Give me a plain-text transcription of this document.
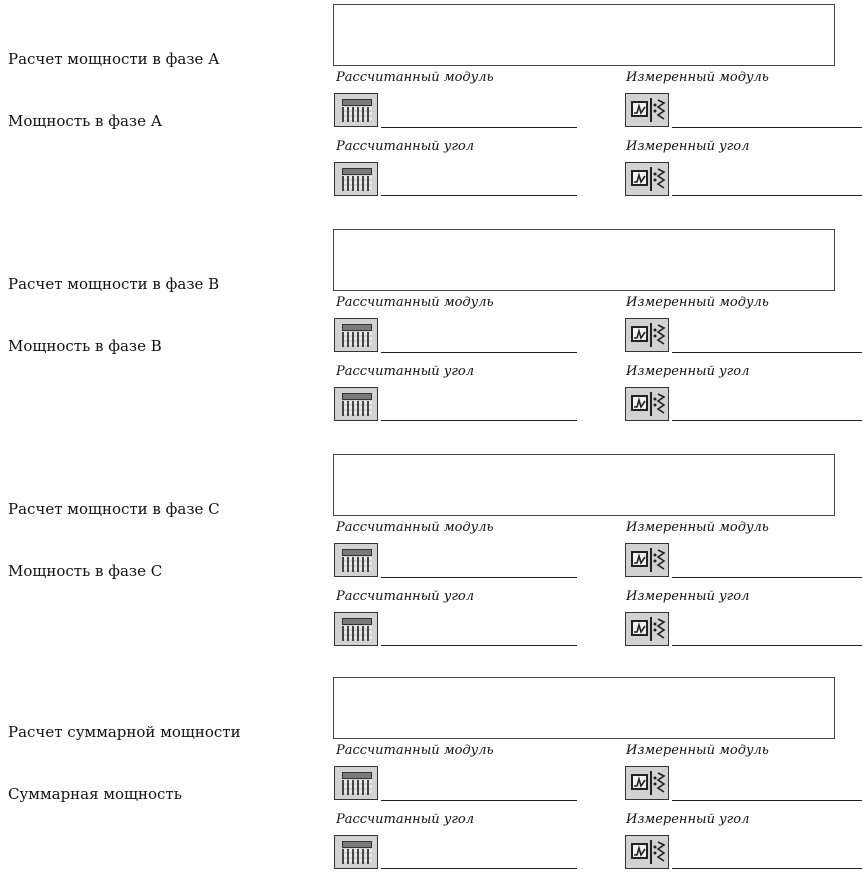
Расчет мощности в фазе А
Мощность в фазе А
Рассчитанный модуль	Измеренный модуль
Рассчитанный угол	Измеренный угол
Расчет мощности в фазе В
Мощность в фазе В
Рассчитанный модуль	Измеренный модуль
Рассчитанный угол	Измеренный угол
Расчет мощности в фазе С
Мощность в фазе С
Рассчитанный модуль	Измеренный модуль
Рассчитанный угол	Измеренный угол
Расчет суммарной мощности
Суммарная мощность
Рассчитанный модуль	Измеренный модуль
Рассчитанный угол	Измеренный угол
